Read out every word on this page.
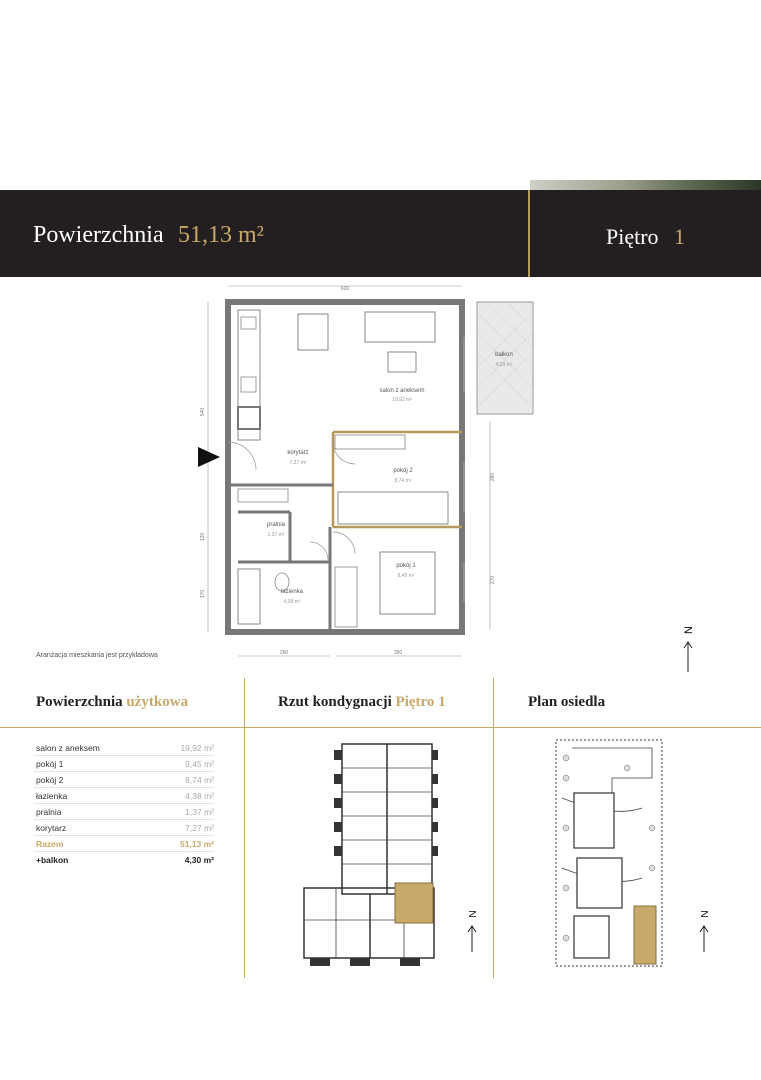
Powierzchnia 51,13 m²	Piętro 1
620
540
120
170
280
270
260	350
salon z aneksem
19,92 m²
balkon
4,30 m²
korytarz
7,27 m²
pokój 2
8,74 m²
pralnia
1,37 m²
łazienka
4,38 m²
pokój 1
9,45 m²
Aranżacja mieszkania jest przykładowa
N
Powierzchnia użytkowa	Rzut kondygnacji Piętro 1	Plan osiedla
salon z aneksem	19,92 m²
pokój 1	9,45 m²
pokój 2	8,74 m²
łazienka	4,38 m²
pralnia	1,37 m²
korytarz	7,27 m²
Razem	51,13 m²
+balkon	4,30 m²
N	N
